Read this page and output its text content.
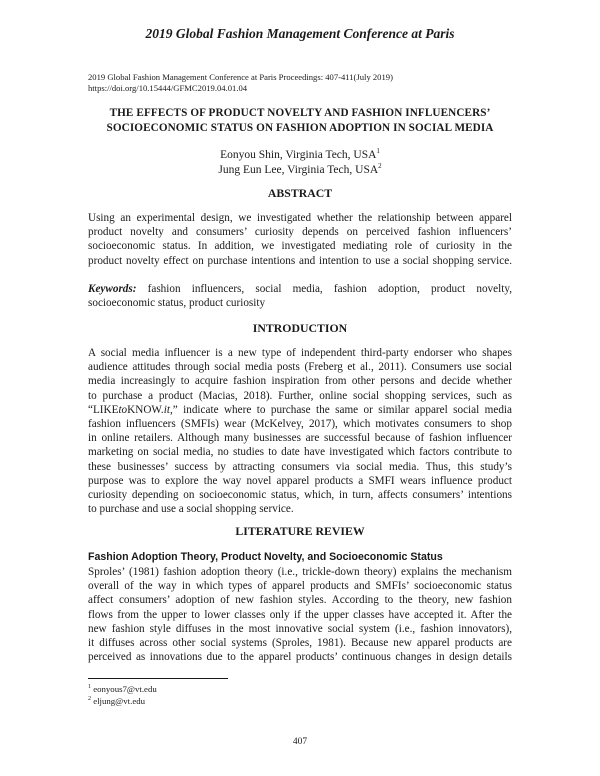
2019 Global Fashion Management Conference at Paris
2019 Global Fashion Management Conference at Paris Proceedings: 407-411(July 2019)
https://doi.org/10.15444/GFMC2019.04.01.04
THE EFFECTS OF PRODUCT NOVELTY AND FASHION INFLUENCERS’
SOCIOECONOMIC STATUS ON FASHION ADOPTION IN SOCIAL MEDIA
Eonyou Shin, Virginia Tech, USA$^1$
Jung Eun Lee, Virginia Tech, USA$^2$
ABSTRACT
Using an experimental design, we investigated whether the relationship between apparel
product novelty and consumers’ curiosity depends on perceived fashion influencers’
socioeconomic status. In addition, we investigated mediating role of curiosity in the
product novelty effect on purchase intentions and intention to use a social shopping service.
Keywords: fashion influencers, social media, fashion adoption, product novelty,
socioeconomic status, product curiosity
INTRODUCTION
A social media influencer is a new type of independent third-party endorser who shapes
audience attitudes through social media posts (Freberg et al., 2011). Consumers use social
media increasingly to acquire fashion inspiration from other persons and decide whether
to purchase a product (Macias, 2018). Further, online social shopping services, such as
“LIKEtoKNOW.it,” indicate where to purchase the same or similar apparel social media
fashion influencers (SMFIs) wear (McKelvey, 2017), which motivates consumers to shop
in online retailers. Although many businesses are successful because of fashion influencer
marketing on social media, no studies to date have investigated which factors contribute to
these businesses’ success by attracting consumers via social media. Thus, this study’s
purpose was to explore the way novel apparel products a SMFI wears influence product
curiosity depending on socioeconomic status, which, in turn, affects consumers’ intentions
to purchase and use a social shopping service.
LITERATURE REVIEW
Fashion Adoption Theory, Product Novelty, and Socioeconomic Status
Sproles’ (1981) fashion adoption theory (i.e., trickle-down theory) explains the mechanism
overall of the way in which types of apparel products and SMFIs’ socioeconomic status
affect consumers’ adoption of new fashion styles. According to the theory, new fashion
flows from the upper to lower classes only if the upper classes have accepted it. After the
new fashion style diffuses in the most innovative social system (i.e., fashion innovators),
it diffuses across other social systems (Sproles, 1981). Because new apparel products are
perceived as innovations due to the apparel products’ continuous changes in design details
$^1$ eonyous7@vt.edu
$^2$ eljung@vt.edu
407
